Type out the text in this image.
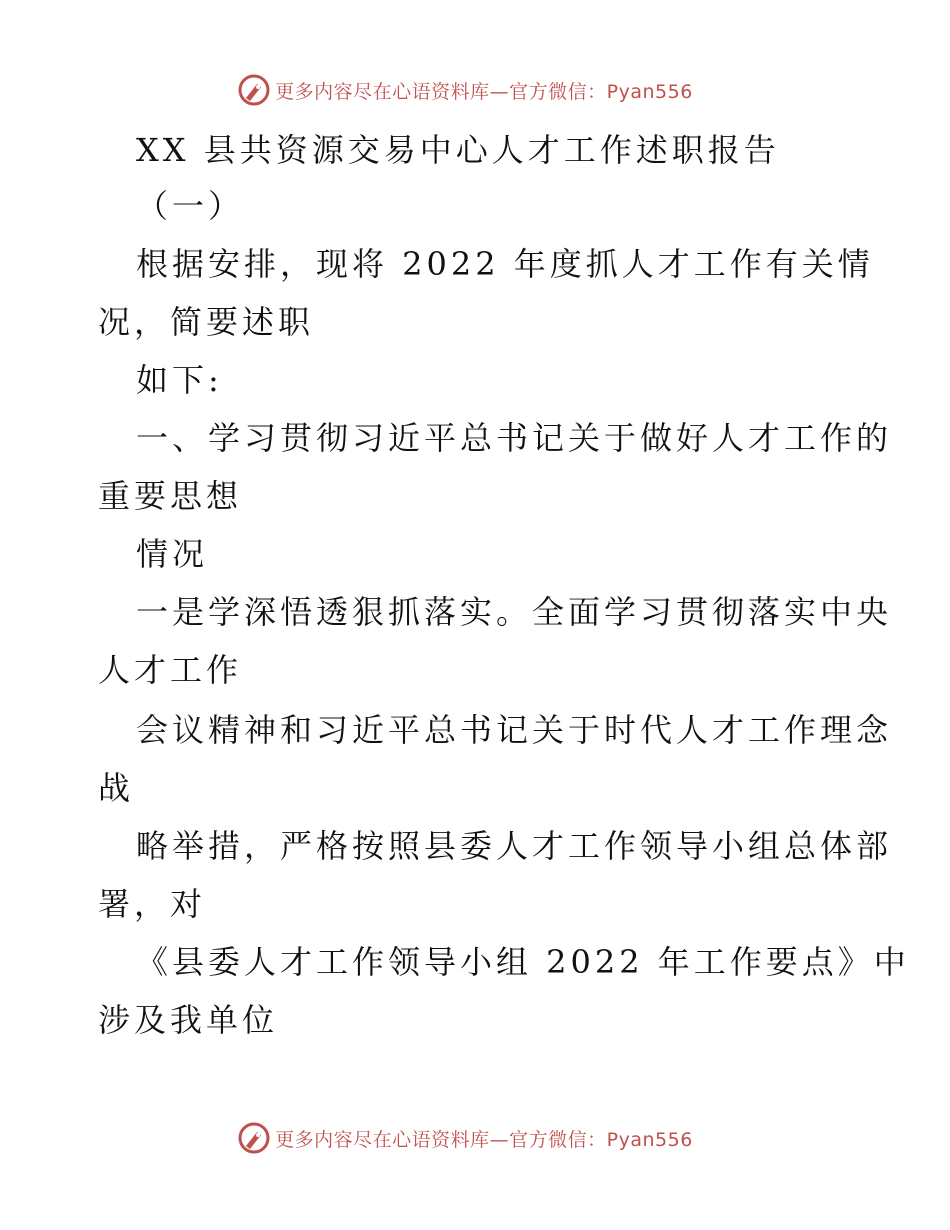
更多内容尽在心语资料库—官方微信：Pyan556
XX 县共资源交易中心人才工作述职报告
（一）
根据安排，现将 2022 年度抓人才工作有关情
况，简要述职
如下:
一、学习贯彻习近平总书记关于做好人才工作的
重要思想
情况
一是学深悟透狠抓落实。全面学习贯彻落实中央
人才工作
会议精神和习近平总书记关于时代人才工作理念
战
略举措，严格按照县委人才工作领导小组总体部
署，对
《县委人才工作领导小组 2022 年工作要点》中
涉及我单位
更多内容尽在心语资料库—官方微信：Pyan556
